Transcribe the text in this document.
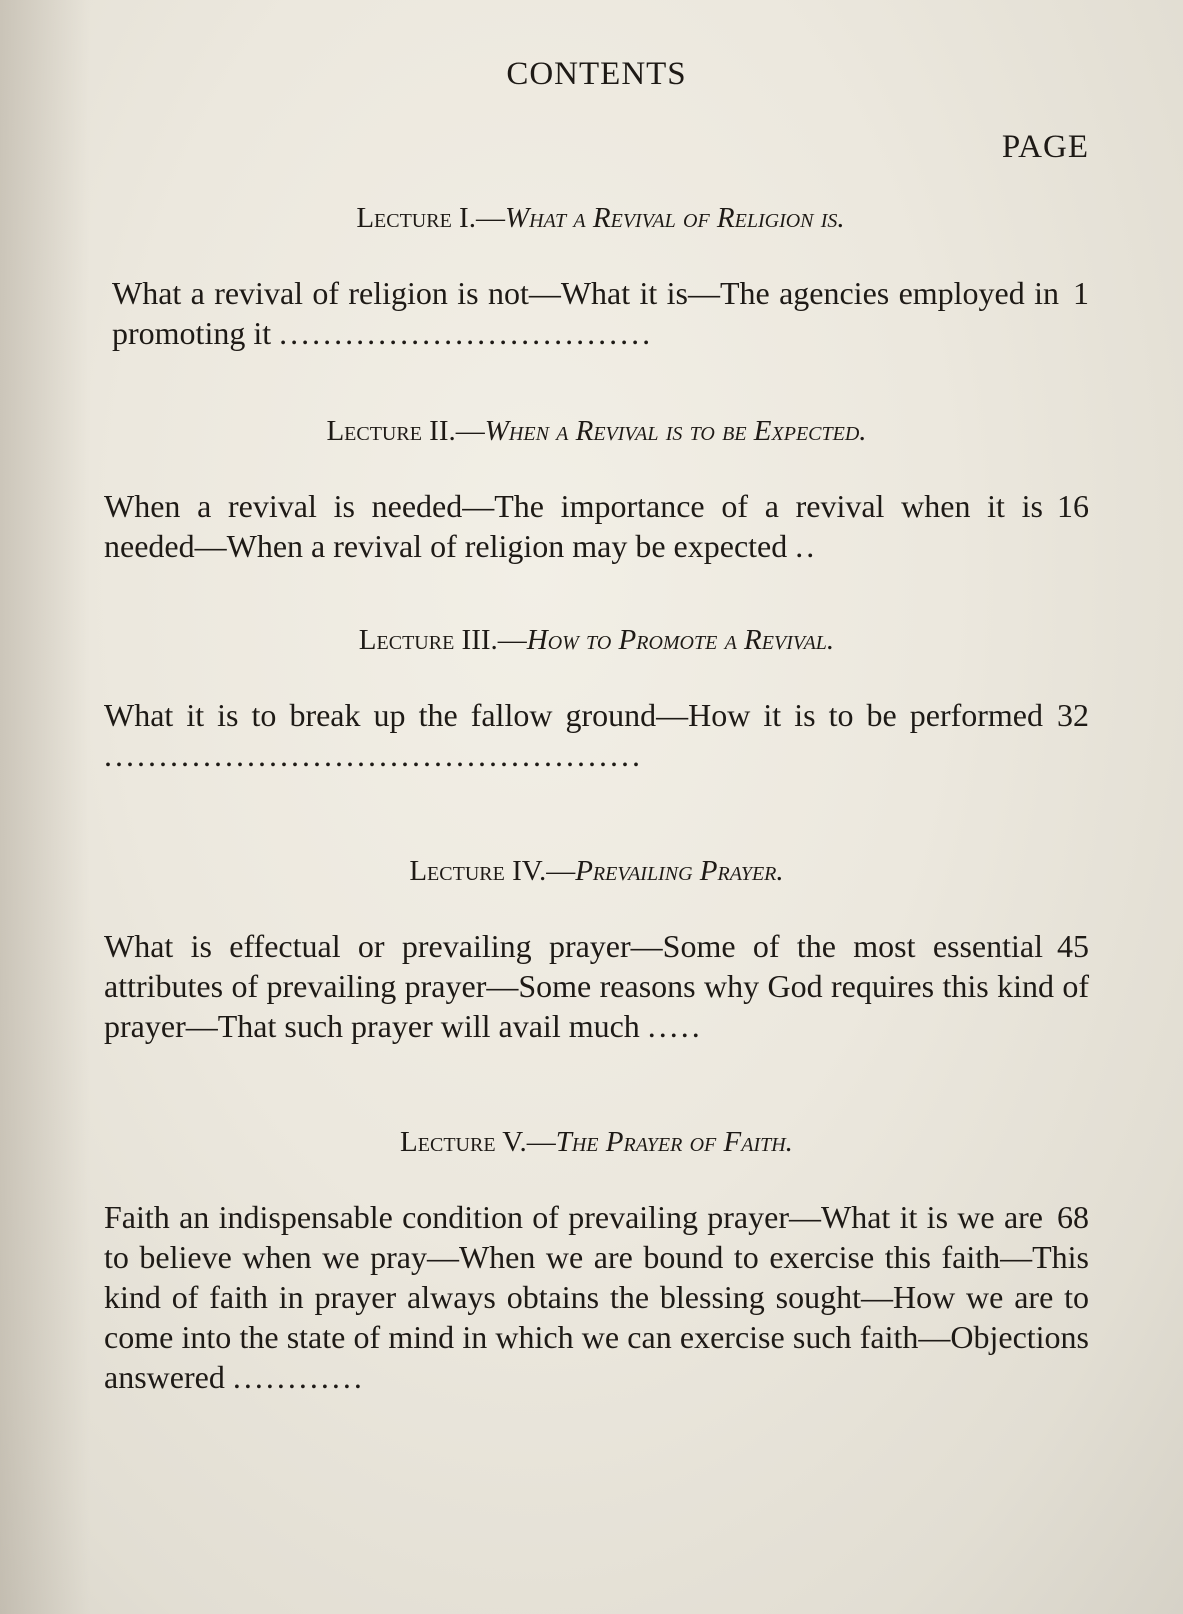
CONTENTS
PAGE
Lecture I.—What a Revival of Religion is.
1
What a revival of religion is not—What it is—The agencies employed in promoting it ..................................
Lecture II.—When a Revival is to be Expected.
16
When a revival is needed—The importance of a revival when it is needed—When a revival of religion may be expected ..
Lecture III.—How to Promote a Revival.
32
What it is to break up the fallow ground—How it is to be performed .................................................
Lecture IV.—Prevailing Prayer.
45
What is effectual or prevailing prayer—Some of the most essential attributes of prevailing prayer—Some reasons why God requires this kind of prayer—That such prayer will avail much .....
Lecture V.—The Prayer of Faith.
68
Faith an indispensable condition of prevailing prayer—What it is we are to believe when we pray—When we are bound to exercise this faith—This kind of faith in prayer always obtains the blessing sought—How we are to come into the state of mind in which we can exercise such faith—Objections answered ............
